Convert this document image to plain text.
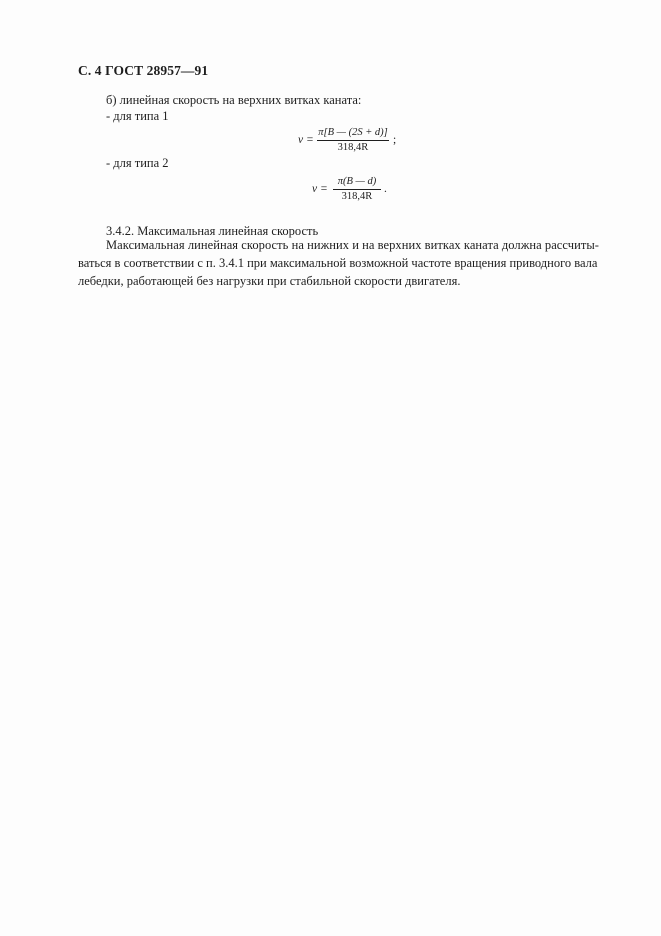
С. 4 ГОСТ 28957—91
б) линейная скорость на верхних витках каната:
- для типа 1
v =
π[B — (2S + d)]
318,4R
;
- для типа 2
v =
π(B — d)
318,4R
.
3.4.2. Максимальная линейная скорость
Максимальная линейная скорость на нижних и на верхних витках каната должна рассчиты-
ваться в соответствии с п. 3.4.1 при максимальной возможной частоте вращения приводного вала
лебедки, работающей без нагрузки при стабильной скорости двигателя.
